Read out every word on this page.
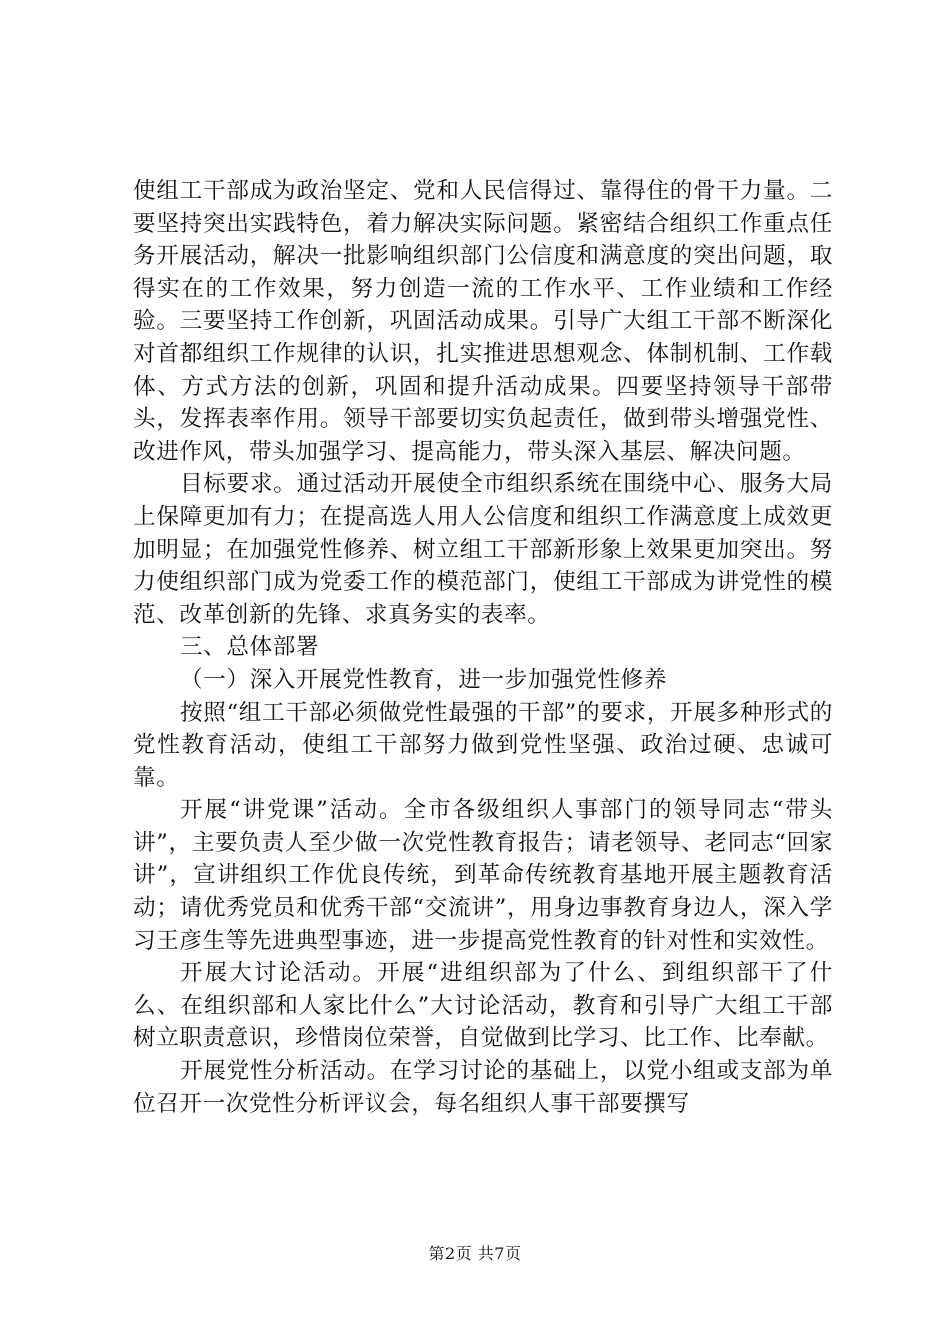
使组工干部成为政治坚定、党和人民信得过、靠得住的骨干力量。二要坚持突出实践特色，着力解决实际问题。紧密结合组织工作重点任务开展活动，解决一批影响组织部门公信度和满意度的突出问题，取得实在的工作效果，努力创造一流的工作水平、工作业绩和工作经验。三要坚持工作创新，巩固活动成果。引导广大组工干部不断深化对首都组织工作规律的认识，扎实推进思想观念、体制机制、工作载体、方式方法的创新，巩固和提升活动成果。四要坚持领导干部带头，发挥表率作用。领导干部要切实负起责任，做到带头增强党性、改进作风，带头加强学习、提高能力，带头深入基层、解决问题。

目标要求。通过活动开展使全市组织系统在围绕中心、服务大局上保障更加有力；在提高选人用人公信度和组织工作满意度上成效更加明显；在加强党性修养、树立组工干部新形象上效果更加突出。努力使组织部门成为党委工作的模范部门，使组工干部成为讲党性的模范、改革创新的先锋、求真务实的表率。

三、总体部署

（一）深入开展党性教育，进一步加强党性修养

按照“组工干部必须做党性最强的干部”的要求，开展多种形式的党性教育活动，使组工干部努力做到党性坚强、政治过硬、忠诚可靠。

开展“讲党课”活动。全市各级组织人事部门的领导同志“带头讲”，主要负责人至少做一次党性教育报告；请老领导、老同志“回家讲”，宣讲组织工作优良传统，到革命传统教育基地开展主题教育活动；请优秀党员和优秀干部“交流讲”，用身边事教育身边人，深入学习王彦生等先进典型事迹，进一步提高党性教育的针对性和实效性。

开展大讨论活动。开展“进组织部为了什么、到组织部干了什么、在组织部和人家比什么”大讨论活动，教育和引导广大组工干部树立职责意识，珍惜岗位荣誉，自觉做到比学习、比工作、比奉献。

开展党性分析活动。在学习讨论的基础上，以党小组或支部为单位召开一次党性分析评议会，每名组织人事干部要撰写

第2页 共7页
